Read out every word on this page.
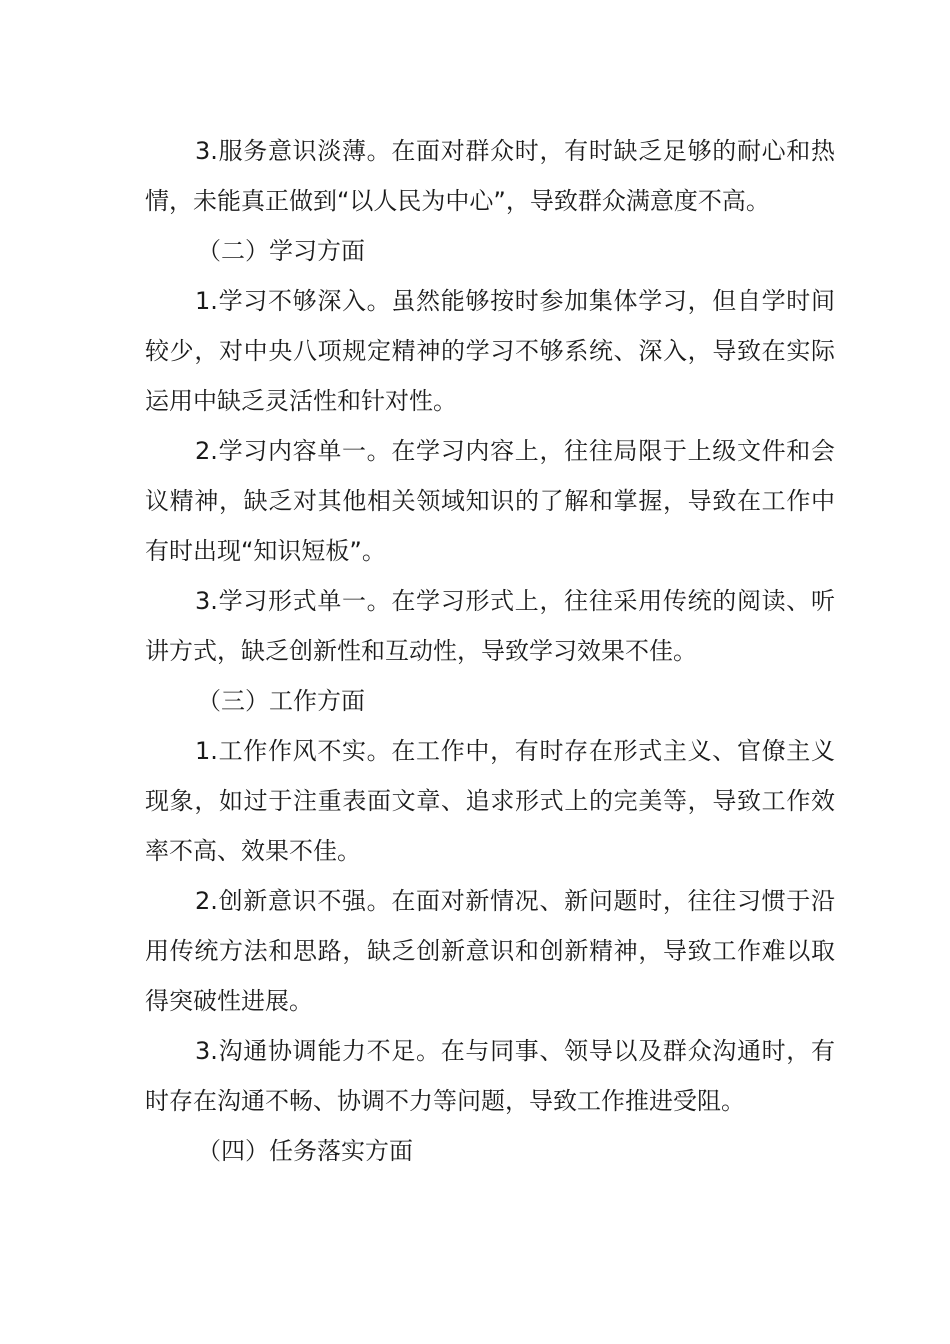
3.服务意识淡薄。在面对群众时，有时缺乏足够的耐心和热情，未能真正做到“以人民为中心”，导致群众满意度不高。

（二）学习方面

1.学习不够深入。虽然能够按时参加集体学习，但自学时间较少，对中央八项规定精神的学习不够系统、深入，导致在实际运用中缺乏灵活性和针对性。

2.学习内容单一。在学习内容上，往往局限于上级文件和会议精神，缺乏对其他相关领域知识的了解和掌握，导致在工作中有时出现“知识短板”。

3.学习形式单一。在学习形式上，往往采用传统的阅读、听讲方式，缺乏创新性和互动性，导致学习效果不佳。

（三）工作方面

1.工作作风不实。在工作中，有时存在形式主义、官僚主义现象，如过于注重表面文章、追求形式上的完美等，导致工作效率不高、效果不佳。

2.创新意识不强。在面对新情况、新问题时，往往习惯于沿用传统方法和思路，缺乏创新意识和创新精神，导致工作难以取得突破性进展。

3.沟通协调能力不足。在与同事、领导以及群众沟通时，有时存在沟通不畅、协调不力等问题，导致工作推进受阻。

（四）任务落实方面
